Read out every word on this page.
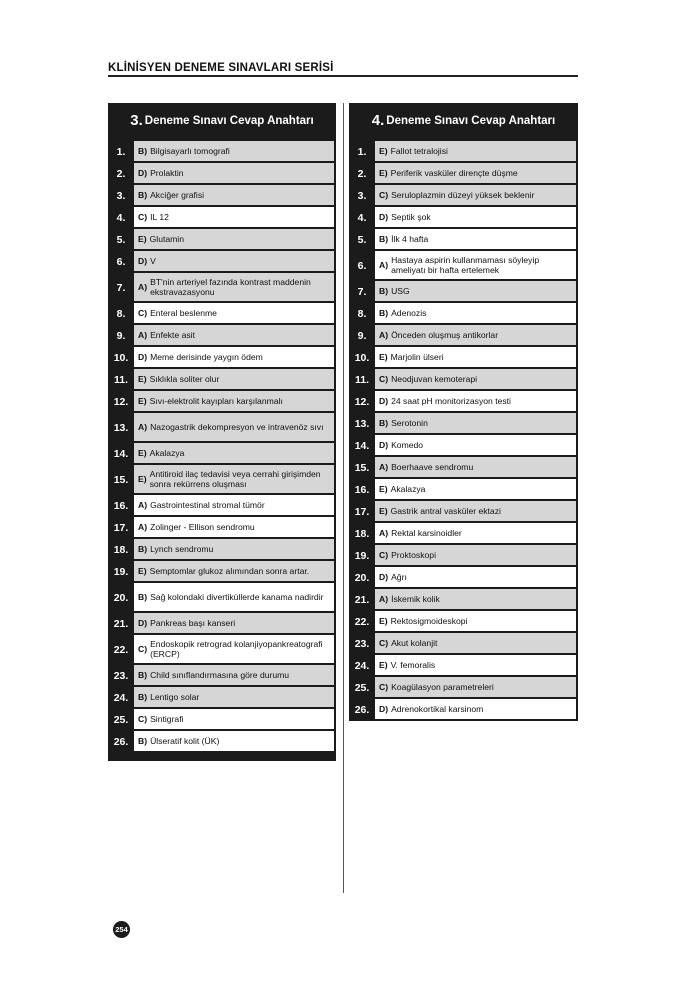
KLİNİSYEN DENEME SINAVLARI SERİSİ
3. Deneme Sınavı Cevap Anahtarı
1.	B) Bilgisayarlı tomografi
2.	D) Prolaktin
3.	B) Akciğer grafisi
4.	C) IL 12
5.	E) Glutamin
6.	D) V
7.	A) BT'nin arteriyel fazında kontrast maddenin ekstravazasyonu
8.	C) Enteral beslenme
9.	A) Enfekte asit
10.	D) Meme derisinde yaygın ödem
11.	E) Sıklıkla soliter olur
12.	E) Sıvı-elektrolit kayıpları karşılanmalı
13.	A) Nazogastrik dekompresyon ve intravenöz sıvı
14.	E) Akalazya
15.	E) Antitiroid ilaç tedavisi veya cerrahi girişimden sonra rekürrens oluşması
16.	A) Gastrointestinal stromal tümör
17.	A) Zolinger - Ellison sendromu
18.	B) Lynch sendromu
19.	E) Semptomlar glukoz alımından sonra artar.
20.	B) Sağ kolondaki divertiküllerde kanama nadirdir
21.	D) Pankreas başı kanseri
22.	C) Endoskopik retrograd kolanjiyopankreatografi (ERCP)
23.	B) Child sınıflandırmasına göre durumu
24.	B) Lentigo solar
25.	C) Sintigrafi
26.	B) Ülseratif kolit (ÜK)
4. Deneme Sınavı Cevap Anahtarı
1.	E) Fallot tetralojisi
2.	E) Periferik vasküler dirençte düşme
3.	C) Seruloplazmin düzeyi yüksek beklenir
4.	D) Septik şok
5.	B) İlk 4 hafta
6.	A) Hastaya aspirin kullanmaması söyleyip ameliyatı bir hafta ertelemek
7.	B) USG
8.	B) Adenozis
9.	A) Önceden oluşmuş antikorlar
10.	E) Marjolin ülseri
11.	C) Neodjuvan kemoterapi
12.	D) 24 saat pH monitorizasyon testi
13.	B) Serotonin
14.	D) Komedo
15.	A) Boerhaave sendromu
16.	E) Akalazya
17.	E) Gastrik antral vasküler ektazi
18.	A) Rektal karsinoidler
19.	C) Proktoskopi
20.	D) Ağrı
21.	A) İskemik kolik
22.	E) Rektosigmoideskopi
23.	C) Akut kolanjit
24.	E) V. femoralis
25.	C) Koagülasyon parametreleri
26.	D) Adrenokortikal karsinom
254
